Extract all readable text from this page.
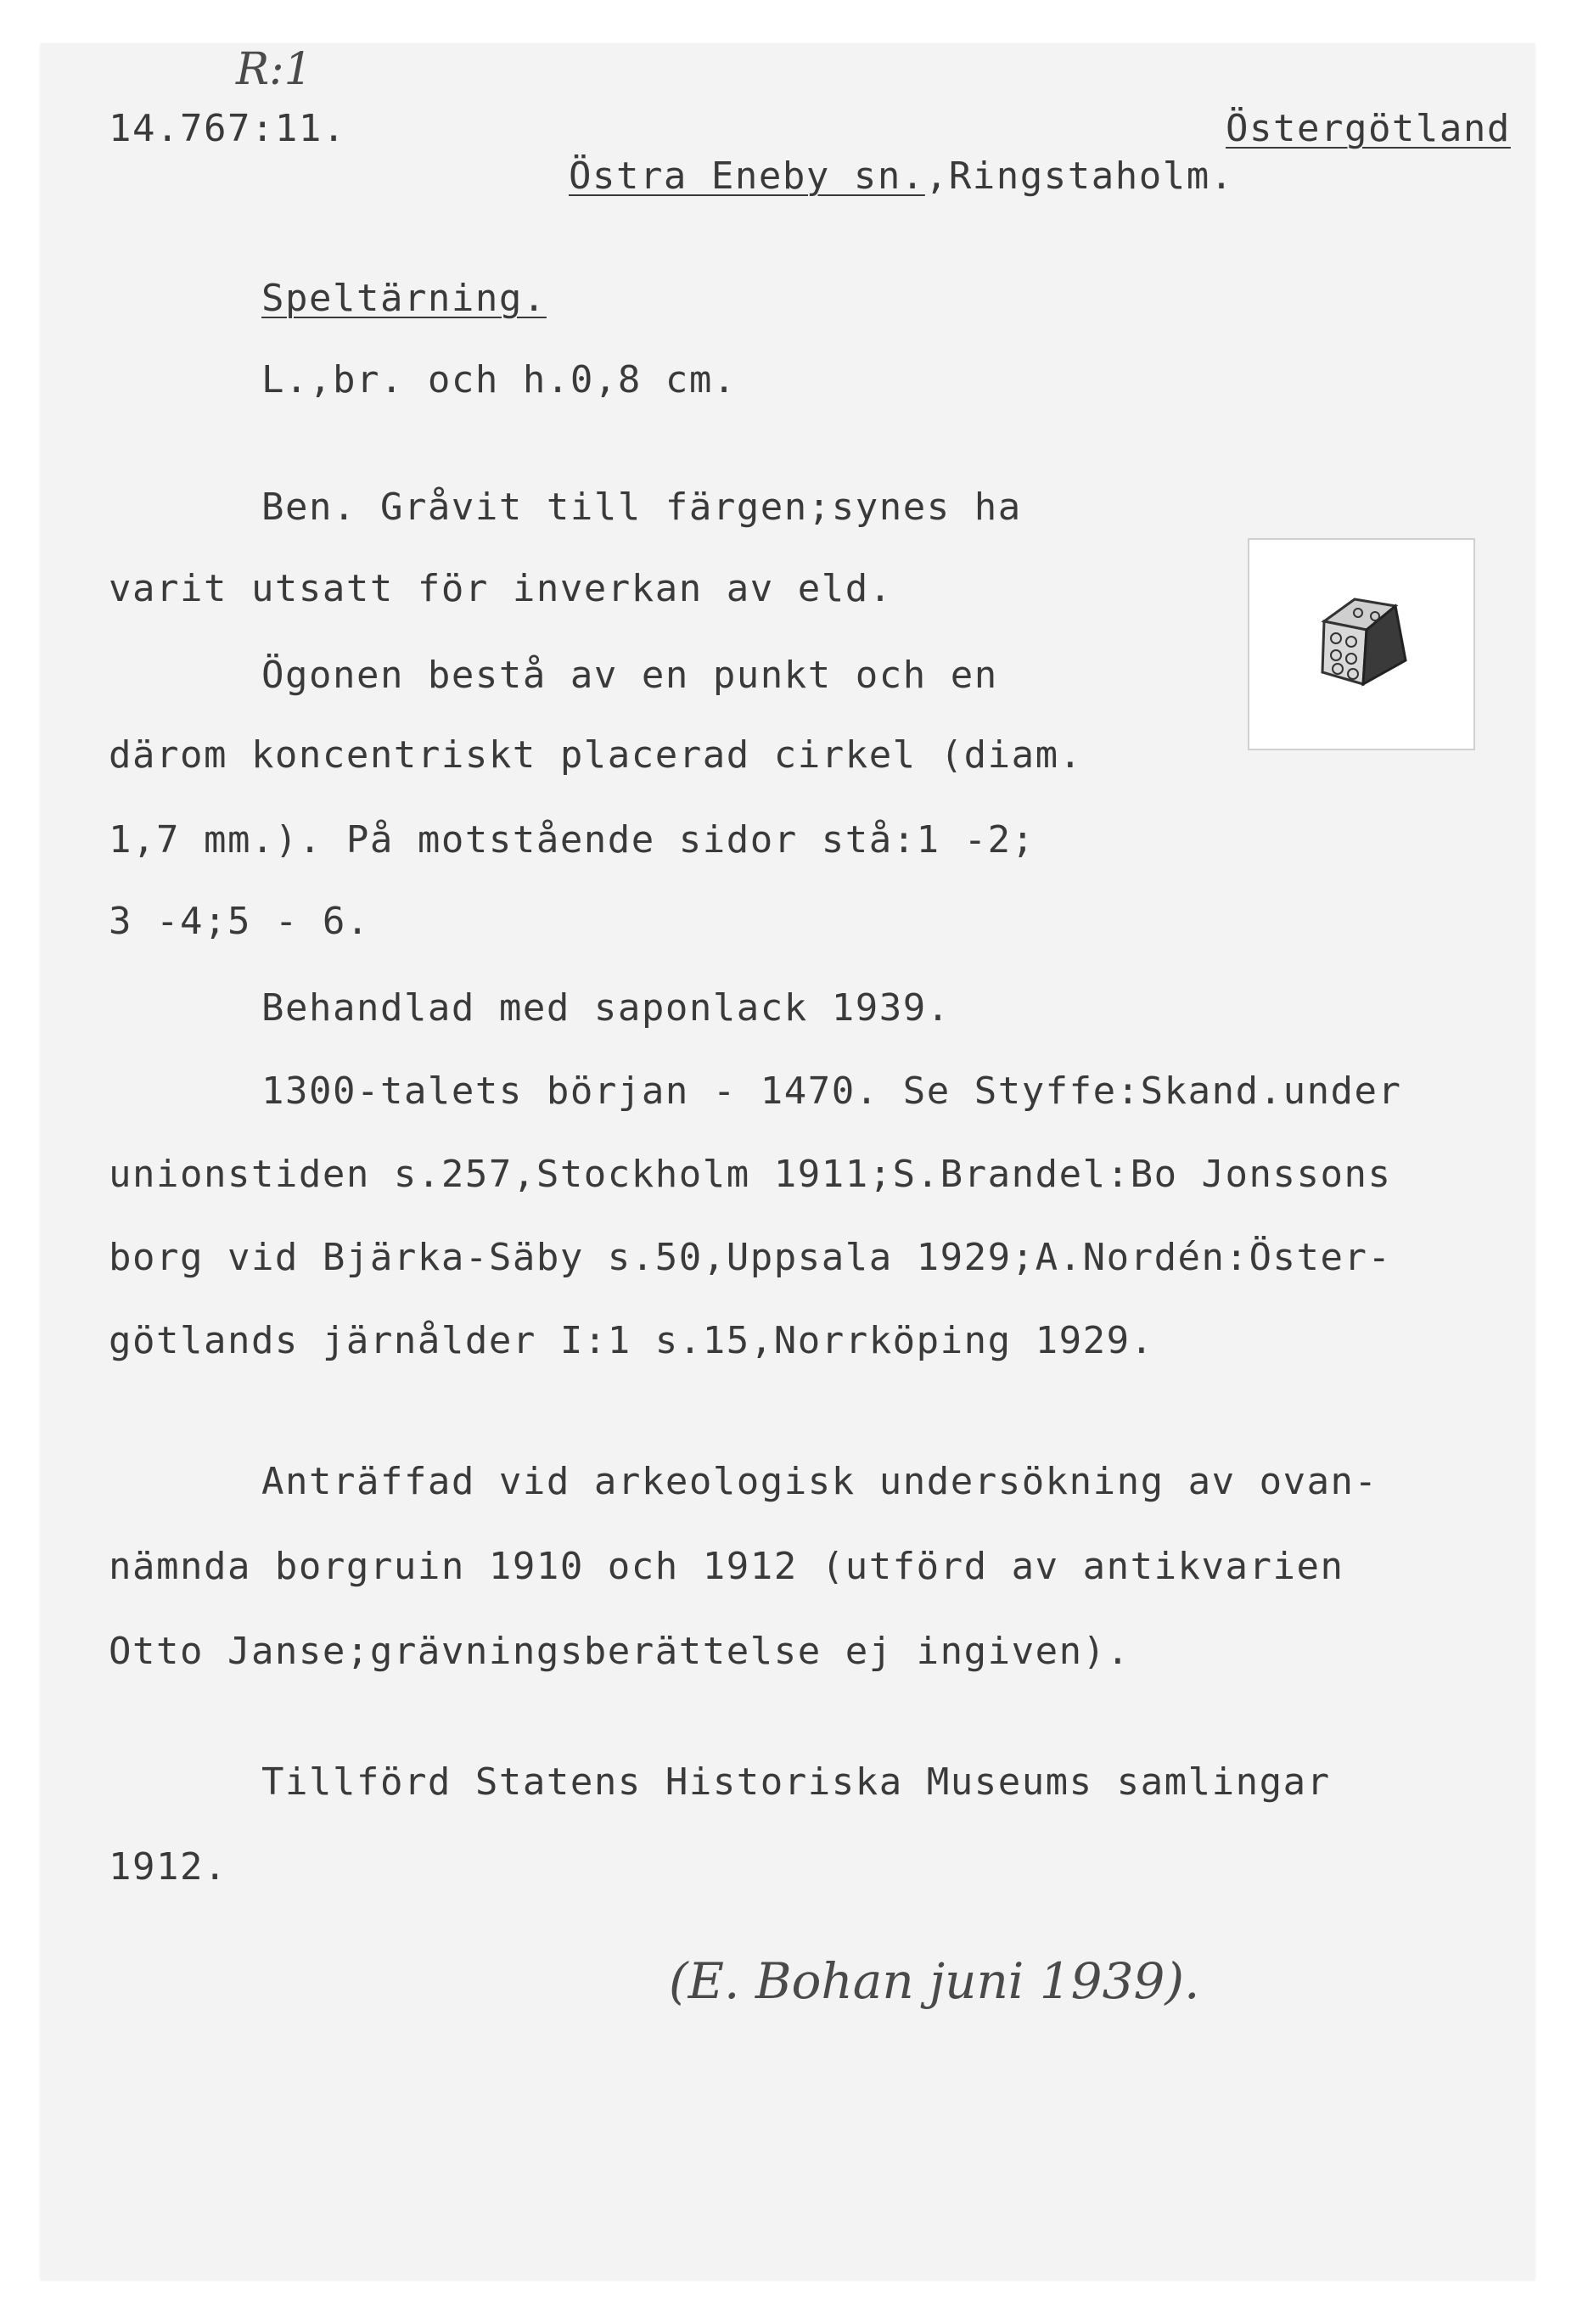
R:1
14.767:11.

Östra Eneby sn.,Ringstaholm.

Östergötland
Speltärning.
L.,br. och h.0,8 cm.
Ben. Gråvit till färgen;synes ha
varit utsatt för inverkan av eld.
Ögonen bestå av en punkt och en
därom koncentriskt placerad cirkel (diam.
1,7 mm.). På motstående sidor stå:1 -2;
3 -4;5 - 6.
Behandlad med saponlack 1939.
1300-talets början - 1470. Se Styffe:Skand.under
unionstiden s.257,Stockholm 1911;S.Brandel:Bo Jonssons
borg vid Bjärka-Säby s.50,Uppsala 1929;A.Nordén:Öster-
götlands järnålder I:1 s.15,Norrköping 1929.
Anträffad vid arkeologisk undersökning av ovan-
nämnda borgruin 1910 och 1912 (utförd av antikvarien
Otto Janse;grävningsberättelse ej ingiven).
Tillförd Statens Historiska Museums samlingar
1912.
(E. Bohan juni 1939).
